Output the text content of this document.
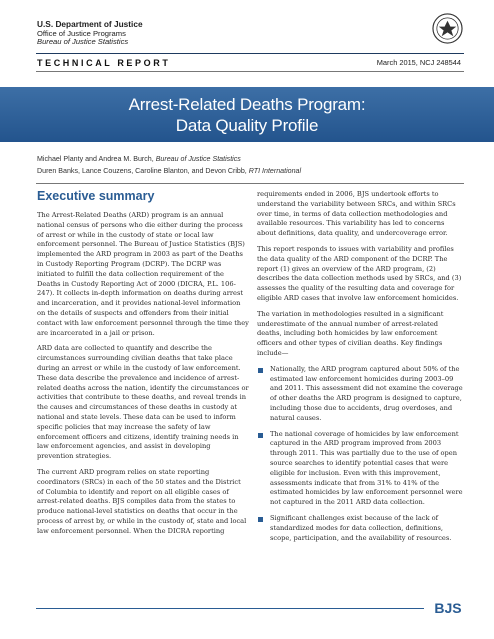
U.S. Department of Justice
Office of Justice Programs
Bureau of Justice Statistics
TECHNICAL REPORT	March 2015, NCJ 248544
Arrest-Related Deaths Program:
Data Quality Profile
Michael Planty and Andrea M. Burch, Bureau of Justice Statistics
Duren Banks, Lance Couzens, Caroline Blanton, and Devon Cribb, RTI International
Executive summary

The Arrest-Related Deaths (ARD) program is an annual national census of persons who die either during the process of arrest or while in the custody of state or local law enforcement personnel. The Bureau of Justice Statistics (BJS) implemented the ARD program in 2003 as part of the Deaths in Custody Reporting Program (DCRP). The DCRP was initiated to fulfill the data collection requirement of the Deaths in Custody Reporting Act of 2000 (DICRA, P.L. 106-247). It collects in-depth information on deaths during arrest and incarceration, and it provides national-level information on the details of suspects and offenders from their initial contact with law enforcement personnel through the time they are incarcerated in a jail or prison.

ARD data are collected to quantify and describe the circumstances surrounding civilian deaths that take place during an arrest or while in the custody of law enforcement. These data describe the prevalence and incidence of arrest-related deaths across the nation, identify the circumstances or activities that contribute to these deaths, and reveal trends in the causes and circumstances of these deaths in custody at national and state levels. These data can be used to inform specific policies that may increase the safety of law enforcement officers and citizens, identify training needs in law enforcement agencies, and assist in developing prevention strategies.

The current ARD program relies on state reporting coordinators (SRCs) in each of the 50 states and the District of Columbia to identify and report on all eligible cases of arrest-related deaths. BJS compiles data from the states to produce national-level statistics on deaths that occur in the process of arrest by, or while in the custody of, state and local law enforcement personnel. When the DICRA reporting

requirements ended in 2006, BJS undertook efforts to understand the variability between SRCs, and within SRCs over time, in terms of data collection methodologies and available resources. This variability has led to concerns about definitions, data quality, and undercoverage error.

This report responds to issues with variability and profiles the data quality of the ARD component of the DCRP. The report (1) gives an overview of the ARD program, (2) describes the data collection methods used by SRCs, and (3) assesses the quality of the resulting data and coverage for eligible ARD cases that involve law enforcement homicides.

The variation in methodologies resulted in a significant underestimate of the annual number of arrest-related deaths, including both homicides by law enforcement officers and other types of civilian deaths. Key findings include—

Nationally, the ARD program captured about 50% of the estimated law enforcement homicides during 2003–09 and 2011. This assessment did not examine the coverage of other deaths the ARD program is designed to capture, including those due to accidents, drug overdoses, and natural causes.
The national coverage of homicides by law enforcement captured in the ARD program improved from 2003 through 2011. This was partially due to the use of open source searches to identify potential cases that were eligible for inclusion. Even with this improvement, assessments indicate that from 31% to 41% of the estimated homicides by law enforcement personnel were not captured in the 2011 ARD data collection.
Significant challenges exist because of the lack of standardized modes for data collection, definitions, scope, participation, and the availability of resources.
BJS
